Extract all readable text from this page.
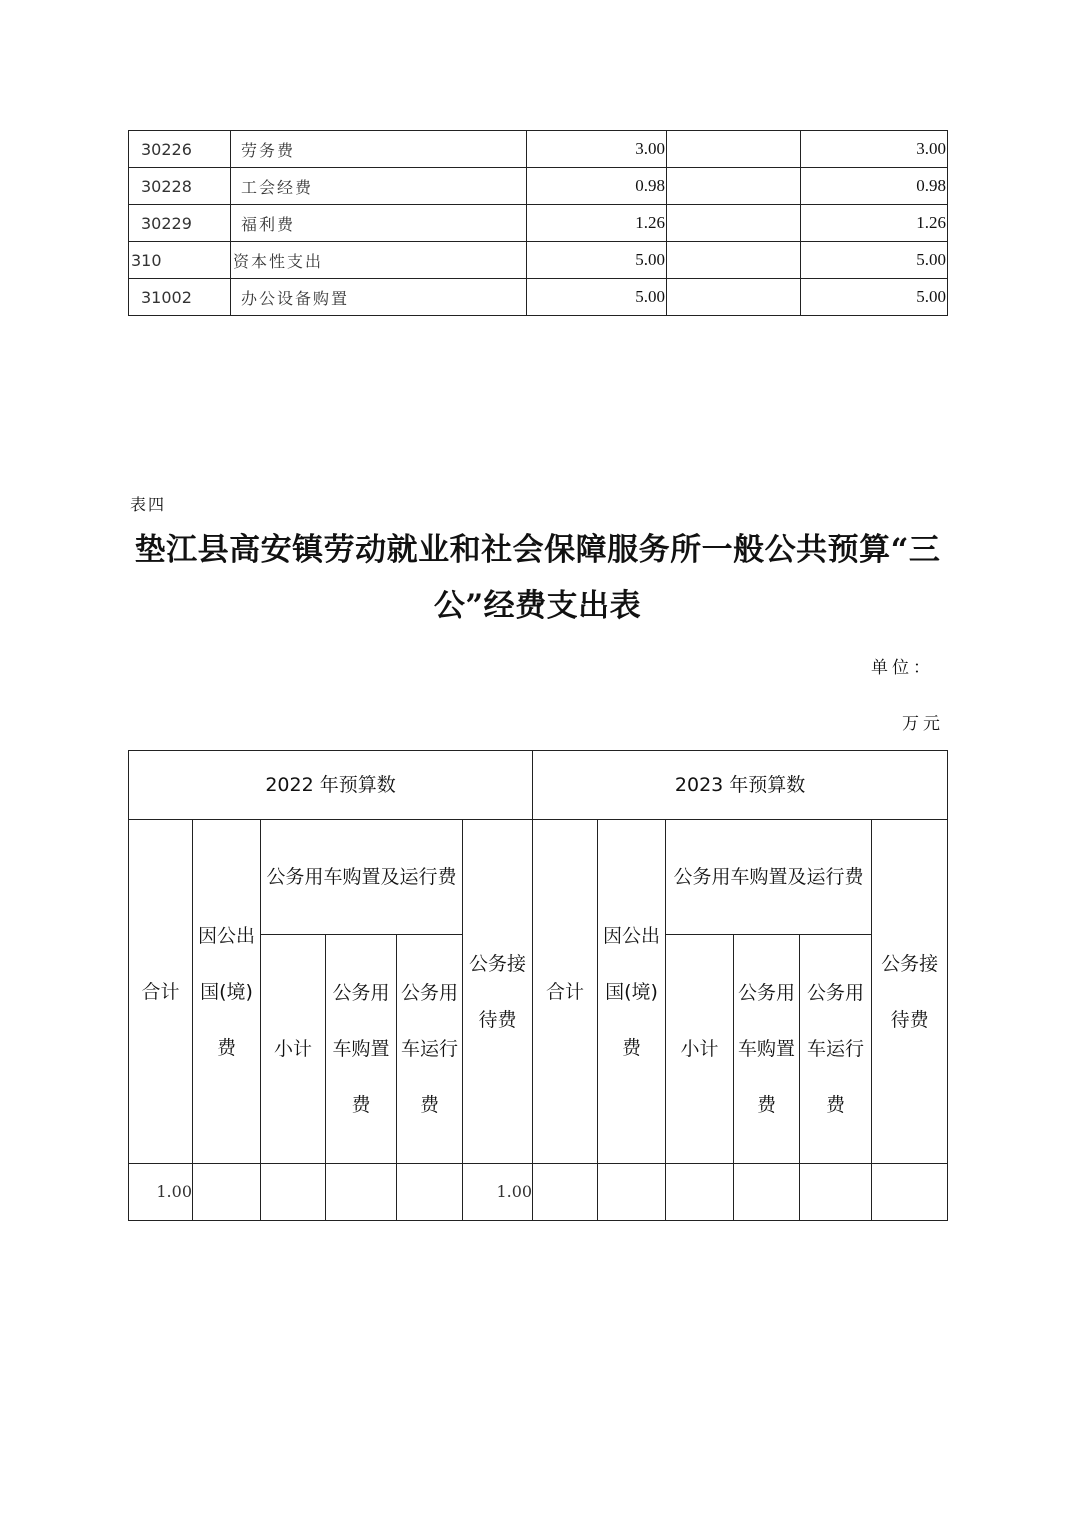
30226	劳务费	3.00		3.00
30228	工会经费	0.98		0.98
30229	福利费	1.26		1.26
310	资本性支出	5.00		5.00
31002	办公设备购置	5.00		5.00
表四
垫江县高安镇劳动就业和社会保障服务所一般公共预算“三
公”经费支出表
单位：
万元
2022 年预算数						2023 年预算数					
合计	因公出国(境)费	公务用车购置及运行费			公务接待费	合计	因公出国(境)费	公务用车购置及运行费			公务接待费
		小计	公务用车购置费	公务用车运行费				小计	公务用车购置费	公务用车运行费	
1.00					1.00						
